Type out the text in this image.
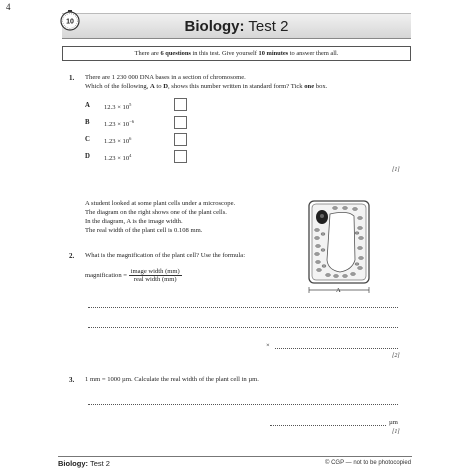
4
Biology: Test 2
10
There are 6 questions in this test. Give yourself 10 minutes to answer them all.
1. There are 1 230 000 DNA bases in a section of chromosome.
Which of the following, A to D, shows this number written in standard form? Tick one box.
A $12.3 \times 10^5$
B $1.23 \times 10^{-6}$
C $1.23 \times 10^6$
D $1.23 \times 10^4$
[1]
A student looked at some plant cells under a microscope.
The diagram on the right shows one of the plant cells.
In the diagram, A is the image width.
The real width of the plant cell is 0.108 mm.
A
2. What is the magnification of the plant cell? Use the formula:
magnification = $\frac{\text{image width (mm)}}{\text{real width (mm)}}$
×
[2]
3. 1 mm = 1000 µm. Calculate the real width of the plant cell in µm.
µm
[1]
Biology: Test 2	© CGP — not to be photocopied
